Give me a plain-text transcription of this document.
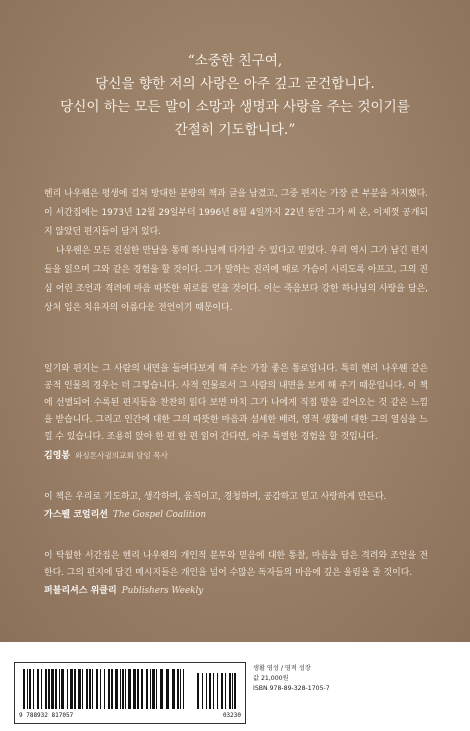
“소중한 친구여,
당신을 향한 저의 사랑은 아주 깊고 굳건합니다.
당신이 하는 모든 말이 소망과 생명과 사랑을 주는 것이기를
간절히 기도합니다.”

헨리 나우웬은 평생에 걸쳐 방대한 분량의 책과 글을 남겼고, 그중 편지는 가장 큰 부분을 차지했다. 이 서간집에는 1973년 12월 29일부터 1996년 8월 4일까지 22년 동안 그가 써 온, 이제껏 공개되지 않았던 편지들이 담겨 있다.

나우웬은 모든 진실한 만남을 통해 하나님께 다가갈 수 있다고 믿었다. 우리 역시 그가 남긴 편지들을 읽으며 그와 같은 경험을 할 것이다. 그가 말하는 진리에 때로 가슴이 시리도록 아프고, 그의 진심 어린 조언과 격려에 마음 따뜻한 위로를 얻을 것이다. 이는 죽음보다 강한 하나님의 사랑을 담은, 상처 입은 치유자의 아름다운 전언이기 때문이다.

일기와 편지는 그 사람의 내면을 들여다보게 해 주는 가장 좋은 통로입니다. 특히 헨리 나우웬 같은 공적 인물의 경우는 더 그렇습니다. 사적 인물로서 그 사람의 내면을 보게 해 주기 때문입니다. 이 책에 선별되어 수록된 편지들을 찬찬히 읽다 보면 마치 그가 나에게 직접 말을 걸어오는 것 같은 느낌을 받습니다. 그리고 인간에 대한 그의 따뜻한 마음과 섬세한 배려, 영적 생활에 대한 그의 열심을 느낄 수 있습니다. 조용히 앉아 한 편 한 편 읽어 간다면, 아주 특별한 경험을 할 것입니다.

김영봉 와싱톤사귐의교회 담임 목사

이 책은 우리로 기도하고, 생각하며, 움직이고, 경청하며, 공감하고 믿고 사랑하게 만든다.

가스펠 코얼리션 The Gospel Coalition

이 탁월한 서간집은 헨리 나우웬의 개인적 분투와 믿음에 대한 통찰, 마음을 담은 격려와 조언을 전한다. 그의 편지에 담긴 메시지들은 개인을 넘어 수많은 독자들의 마음에 깊은 울림을 줄 것이다.

퍼블리셔스 위클리 Publishers Weekly
9 788932 817057	03230
생활 영성 / 영적 성장
값 21,000원
ISBN 978-89-328-1705-7
